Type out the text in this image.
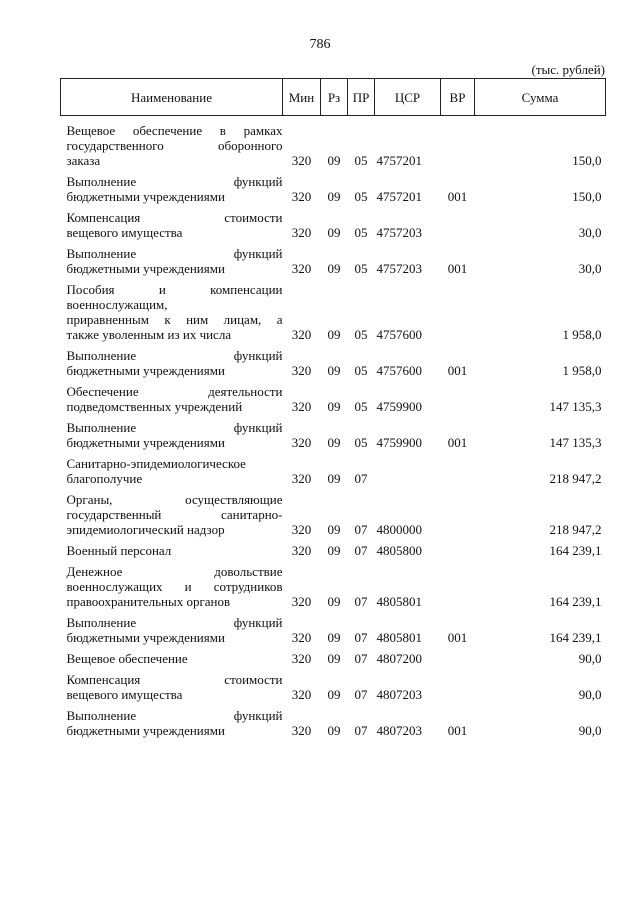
786
(тыс. рублей)
Наименование	Мин	Рз	ПР	ЦСР	ВР	Сумма

Вещевое обеспечение в рамках
государственного оборонного
заказа	320	09	05	4757201		150,0

Выполнение функций
бюджетными учреждениями	320	09	05	4757201	001	150,0

Компенсация стоимости
вещевого имущества	320	09	05	4757203		30,0

Выполнение функций
бюджетными учреждениями	320	09	05	4757203	001	30,0

Пособия и компенсации
военнослужащим,
приравненным к ним лицам, а
также уволенным из их числа	320	09	05	4757600		1 958,0

Выполнение функций
бюджетными учреждениями	320	09	05	4757600	001	1 958,0

Обеспечение деятельности
подведомственных учреждений	320	09	05	4759900		147 135,3

Выполнение функций
бюджетными учреждениями	320	09	05	4759900	001	147 135,3

Санитарно-эпидемиологическое
благополучие	320	09	07			218 947,2

Органы, осуществляющие
государственный санитарно-
эпидемиологический надзор	320	09	07	4800000		218 947,2

Военный персонал	320	09	07	4805800		164 239,1

Денежное довольствие
военнослужащих и сотрудников
правоохранительных органов	320	09	07	4805801		164 239,1

Выполнение функций
бюджетными учреждениями	320	09	07	4805801	001	164 239,1

Вещевое обеспечение	320	09	07	4807200		90,0

Компенсация стоимости
вещевого имущества	320	09	07	4807203		90,0

Выполнение функций
бюджетными учреждениями	320	09	07	4807203	001	90,0
